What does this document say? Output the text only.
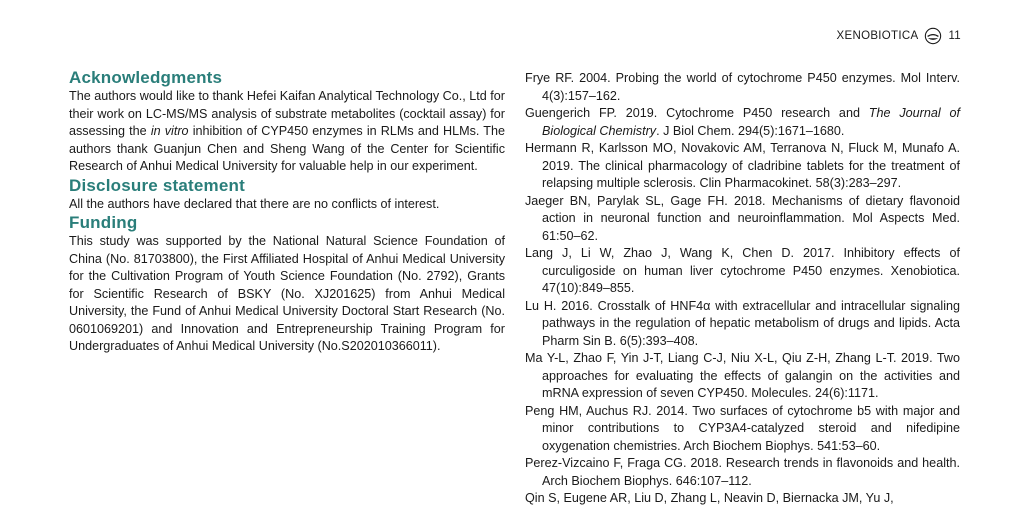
XENOBIOTICA	11
Acknowledgments

The authors would like to thank Hefei Kaifan Analytical Technology Co., Ltd for their work on LC-MS/MS analysis of substrate metabolites (cocktail assay) for assessing the in vitro inhibition of CYP450 enzymes in RLMs and HLMs. The authors thank Guanjun Chen and Sheng Wang of the Center for Scientific Research of Anhui Medical University for valuable help in our experiment.

Disclosure statement

All the authors have declared that there are no conflicts of interest.

Funding

This study was supported by the National Natural Science Foundation of China (No. 81703800), the First Affiliated Hospital of Anhui Medical University for the Cultivation Program of Youth Science Foundation (No. 2792), Grants for Scientific Research of BSKY (No. XJ201625) from Anhui Medical University, the Fund of Anhui Medical University Doctoral Start Research (No. 0601069201) and Innovation and Entrepreneurship Training Program for Undergraduates of Anhui Medical University (No.S202010366011).

Frye RF. 2004. Probing the world of cytochrome P450 enzymes. Mol Interv. 4(3):157–162.

Guengerich FP. 2019. Cytochrome P450 research and The Journal of Biological Chemistry. J Biol Chem. 294(5):1671–1680.

Hermann R, Karlsson MO, Novakovic AM, Terranova N, Fluck M, Munafo A. 2019. The clinical pharmacology of cladribine tablets for the treatment of relapsing multiple sclerosis. Clin Pharmacokinet. 58(3):283–297.

Jaeger BN, Parylak SL, Gage FH. 2018. Mechanisms of dietary flavonoid action in neuronal function and neuroinflammation. Mol Aspects Med. 61:50–62.

Lang J, Li W, Zhao J, Wang K, Chen D. 2017. Inhibitory effects of curculigoside on human liver cytochrome P450 enzymes. Xenobiotica. 47(10):849–855.

Lu H. 2016. Crosstalk of HNF4α with extracellular and intracellular signaling pathways in the regulation of hepatic metabolism of drugs and lipids. Acta Pharm Sin B. 6(5):393–408.

Ma Y-L, Zhao F, Yin J-T, Liang C-J, Niu X-L, Qiu Z-H, Zhang L-T. 2019. Two approaches for evaluating the effects of galangin on the activities and mRNA expression of seven CYP450. Molecules. 24(6):1171.

Peng HM, Auchus RJ. 2014. Two surfaces of cytochrome b5 with major and minor contributions to CYP3A4-catalyzed steroid and nifedipine oxygenation chemistries. Arch Biochem Biophys. 541:53–60.

Perez-Vizcaino F, Fraga CG. 2018. Research trends in flavonoids and health. Arch Biochem Biophys. 646:107–112.

Qin S, Eugene AR, Liu D, Zhang L, Neavin D, Biernacka JM, Yu J,
